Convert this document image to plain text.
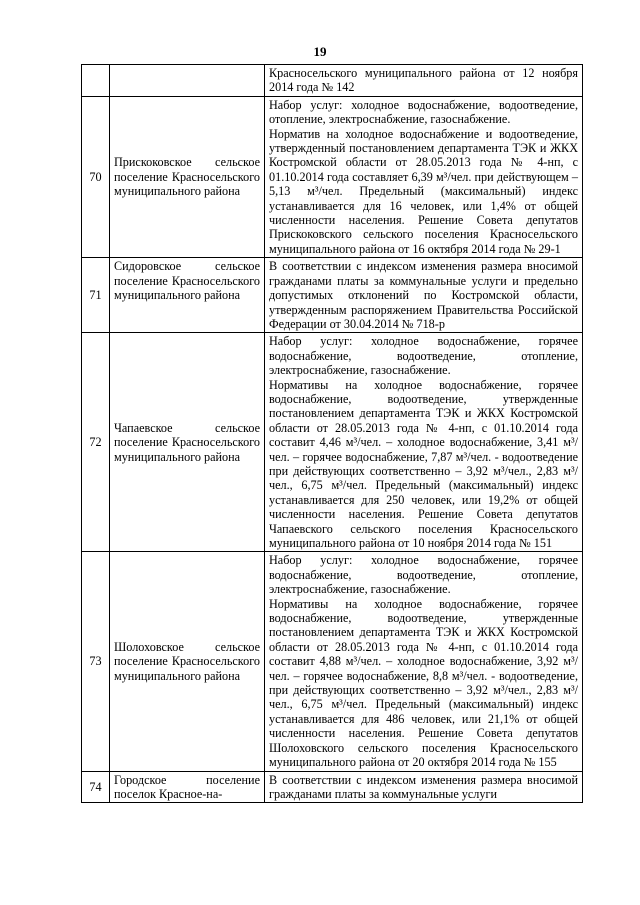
19

		Красносельского муниципального района от 12 ноября 2014 года № 142

70	Прискоковское сельское поселение Красносельского муниципального района	Набор услуг: холодное водоснабжение, водоотведение, отопление, электроснабжение, газоснабжение.
Норматив на холодное водоснабжение и водоотведение, утвержденный постановлением департамента ТЭК и ЖКХ Костромской области от 28.05.2013 года № 4-нп, с 01.10.2014 года составляет 6,39 м³/чел. при действующем – 5,13 м³/чел. Предельный (максимальный) индекс устанавливается для 16 человек, или 1,4% от общей численности населения. Решение Совета депутатов Прискоковского сельского поселения Красносельского муниципального района от 16 октября 2014 года № 29-1

71	Сидоровское сельское поселение Красносельского муниципального района	В соответствии с индексом изменения размера вносимой гражданами платы за коммунальные услуги и предельно допустимых отклонений по Костромской области, утвержденным распоряжением Правительства Российской Федерации от 30.04.2014 № 718-р

72	Чапаевское сельское поселение Красносельского муниципального района	Набор услуг: холодное водоснабжение, горячее водоснабжение, водоотведение, отопление, электроснабжение, газоснабжение.
Нормативы на холодное водоснабжение, горячее водоснабжение, водоотведение, утвержденные постановлением департамента ТЭК и ЖКХ Костромской области от 28.05.2013 года № 4-нп, с 01.10.2014 года составит 4,46 м³/чел. – холодное водоснабжение, 3,41 м³/чел. – горячее водоснабжение, 7,87 м³/чел. - водоотведение при действующих соответственно – 3,92 м³/чел., 2,83 м³/чел., 6,75 м³/чел. Предельный (максимальный) индекс устанавливается для 250 человек, или 19,2% от общей численности населения. Решение Совета депутатов Чапаевского сельского поселения Красносельского муниципального района от 10 ноября 2014 года № 151

73	Шолоховское сельское поселение Красносельского муниципального района	Набор услуг: холодное водоснабжение, горячее водоснабжение, водоотведение, отопление, электроснабжение, газоснабжение.
Нормативы на холодное водоснабжение, горячее водоснабжение, водоотведение, утвержденные постановлением департамента ТЭК и ЖКХ Костромской области от 28.05.2013 года № 4-нп, с 01.10.2014 года составит 4,88 м³/чел. – холодное водоснабжение, 3,92 м³/чел. – горячее водоснабжение, 8,8 м³/чел. - водоотведение, при действующих соответственно – 3,92 м³/чел., 2,83 м³/чел., 6,75 м³/чел. Предельный (максимальный) индекс устанавливается для 486 человек, или 21,1% от общей численности населения. Решение Совета депутатов Шолоховского сельского поселения Красносельского муниципального района от 20 октября 2014 года № 155

74	Городское поселение поселок Красное-на-	В соответствии с индексом изменения размера вносимой гражданами платы за коммунальные услуги
